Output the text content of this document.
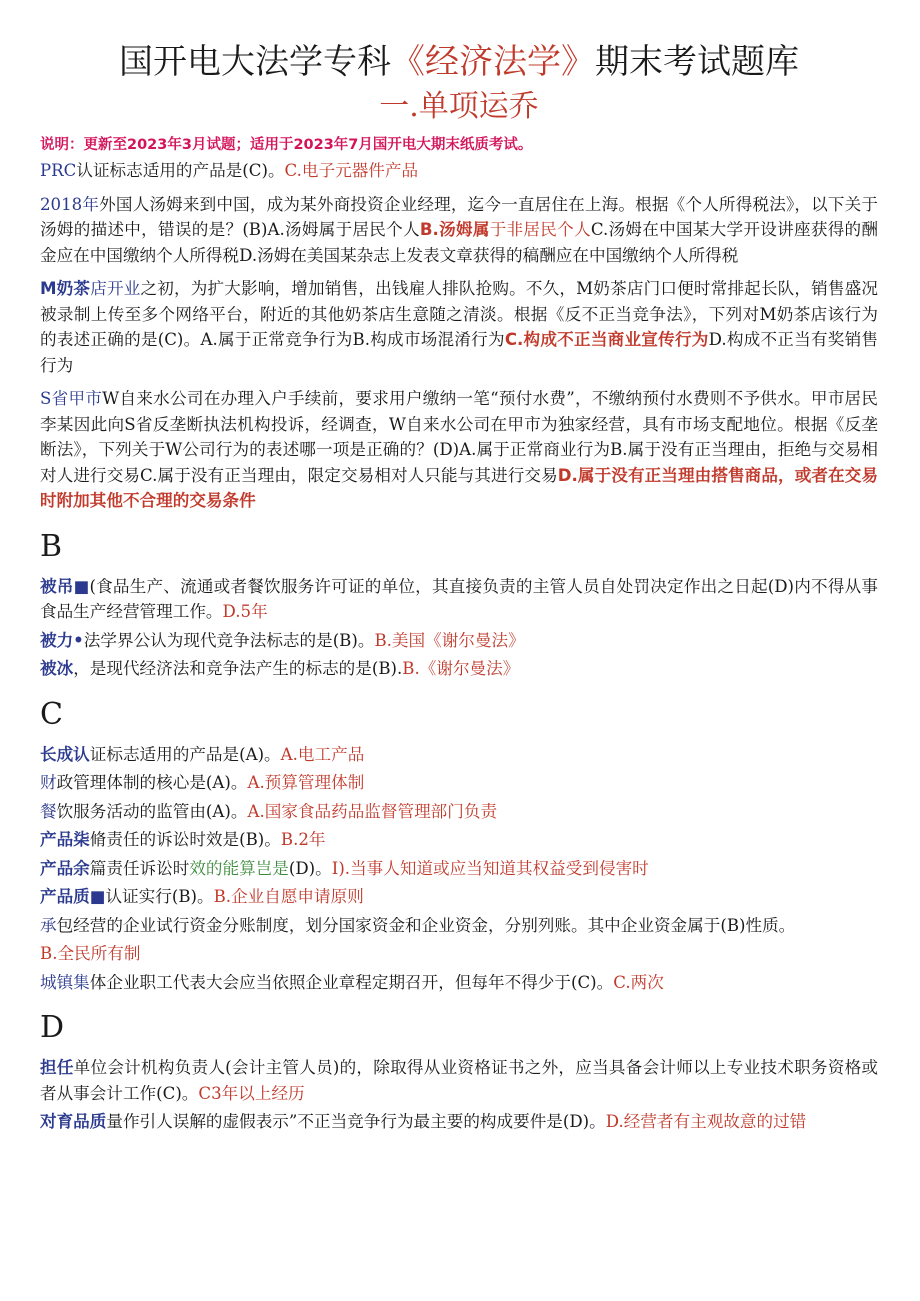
国开电大法学专科《经济法学》期末考试题库
一.单项运乔

说明：更新至2023年3月试题；适用于2023年7月国开电大期末纸质考试。

PRC认证标志适用的产品是(C)。C.电子元器件产品

2018年外国人汤姆来到中国，成为某外商投资企业经理，迄今一直居住在上海。根据《个人所得税法》，以下关于汤姆的描述中，错误的是？(B)A.汤姆属于居民个人B.汤姆属于非居民个人C.汤姆在中国某大学开设讲座获得的酬金应在中国缴纳个人所得税D.汤姆在美国某杂志上发表文章获得的稿酬应在中国缴纳个人所得税

M奶茶店开业之初，为扩大影响，增加销售，出钱雇人排队抢购。不久，M奶茶店门口便时常排起长队，销售盛况被录制上传至多个网络平台，附近的其他奶茶店生意随之清淡。根据《反不正当竞争法》，下列对M奶茶店该行为的表述正确的是(C)。A.属于正常竞争行为B.构成市场混淆行为C.构成不正当商业宣传行为D.构成不正当有奖销售行为

S省甲市W自来水公司在办理入户手续前，要求用户缴纳一笔“预付水费”，不缴纳预付水费则不予供水。甲市居民李某因此向S省反垄断执法机构投诉，经调查，W自来水公司在甲市为独家经营，具有市场支配地位。根据《反垄断法》，下列关于W公司行为的表述哪一项是正确的？(D)A.属于正常商业行为B.属于没有正当理由，拒绝与交易相对人进行交易C.属于没有正当理由，限定交易相对人只能与其进行交易D.属于没有正当理由搭售商品，或者在交易时附加其他不合理的交易条件

B

被吊■(食品生产、流通或者餐饮服务许可证的单位，其直接负责的主管人员自处罚决定作出之日起(D)内不得从事食品生产经营管理工作。D.5年

被力•法学界公认为现代竞争法标志的是(B)。B.美国《谢尔曼法》

被冰，是现代经济法和竞争法产生的标志的是(B).B.《谢尔曼法》

C

长成认证标志适用的产品是(A)。A.电工产品

财政管理体制的核心是(A)。A.预算管理体制

餐饮服务活动的监管由(A)。A.国家食品药品监督管理部门负责

产品柒脩责任的诉讼时效是(B)。B.2年

产品余篇责任诉讼时效的能算岂是(D)。I).当事人知道或应当知道其权益受到侵害时

产品质■认证实行(B)。B.企业自愿申请原则

承包经营的企业试行资金分账制度，划分国家资金和企业资金，分别列账。其中企业资金属于(B)性质。

B.全民所有制

城镇集体企业职工代表大会应当依照企业章程定期召开，但每年不得少于(C)。C.两次

D

担任单位会计机构负责人(会计主管人员)的，除取得从业资格证书之外，应当具备会计师以上专业技术职务资格或者从事会计工作(C)。C3年以上经历

对育品质量作引人误解的虚假表示”不正当竞争行为最主要的构成要件是(D)。D.经营者有主观故意的过错
